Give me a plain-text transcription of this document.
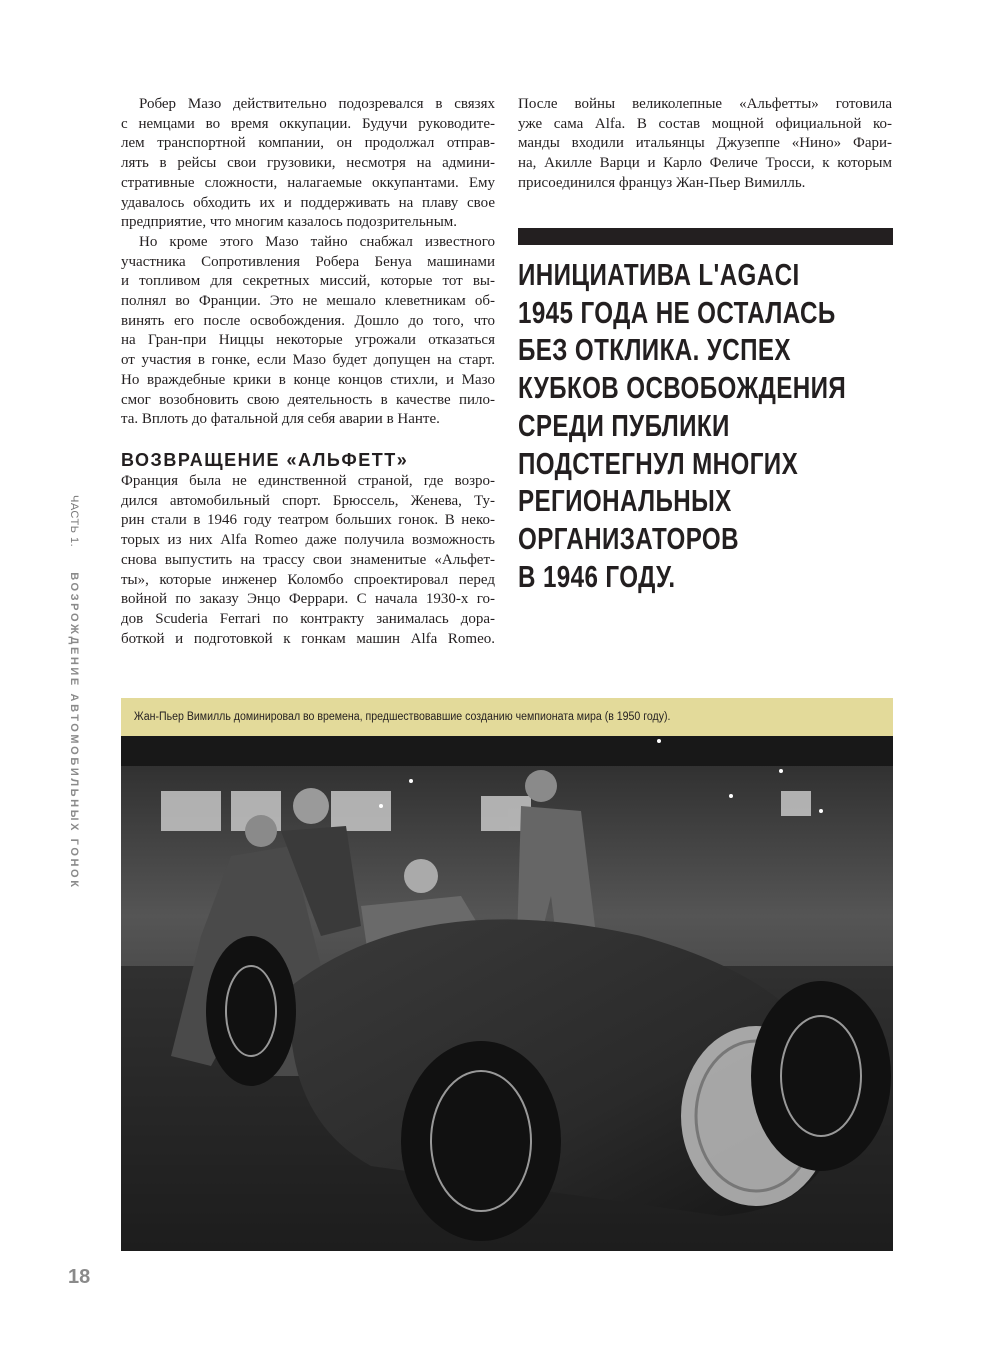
ЧАСТЬ 1. ВОЗРОЖДЕНИЕ АВТОМОБИЛЬНЫХ ГОНОК
Робер Мазо действительно подозревался в связях
с немцами во время оккупации. Будучи руководите-
лем транспортной компании, он продолжал отправ-
лять в рейсы свои грузовики, несмотря на админи-
стративные сложности, налагаемые оккупантами. Ему
удавалось обходить их и поддерживать на плаву свое
предприятие, что многим казалось подозрительным.
Но кроме этого Мазо тайно снабжал известного
участника Сопротивления Робера Бенуа машинами
и топливом для секретных миссий, которые тот вы-
полнял во Франции. Это не мешало клеветникам об-
винять его после освобождения. Дошло до того, что
на Гран-при Ниццы некоторые угрожали отказаться
от участия в гонке, если Мазо будет допущен на старт.
Но враждебные крики в конце концов стихли, и Мазо
смог возобновить свою деятельность в качестве пило-
та. Вплоть до фатальной для себя аварии в Нанте.
ВОЗВРАЩЕНИЕ «АЛЬФЕТТ»
Франция была не единственной страной, где возро-
дился автомобильный спорт. Брюссель, Женева, Ту-
рин стали в 1946 году театром больших гонок. В неко-
торых из них Alfa Romeo даже получила возможность
снова выпустить на трассу свои знаменитые «Альфет-
ты», которые инженер Коломбо спроектировал перед
войной по заказу Энцо Феррари. С начала 1930-х го-
дов Scuderia Ferrari по контракту занималась дора-
боткой и подготовкой к гонкам машин Alfa Romeo.
После войны великолепные «Альфетты» готовила
уже сама Alfa. В состав мощной официальной ко-
манды входили итальянцы Джузеппе «Нино» Фари-
на, Акилле Варци и Карло Феличе Тросси, к которым
присоединился француз Жан-Пьер Вимилль.
ИНИЦИАТИВА L'AGACI
1945 ГОДА НЕ ОСТАЛАСЬ
БЕЗ ОТКЛИКА. УСПЕХ
КУБКОВ ОСВОБОЖДЕНИЯ
СРЕДИ ПУБЛИКИ
ПОДСТЕГНУЛ МНОГИХ
РЕГИОНАЛЬНЫХ
ОРГАНИЗАТОРОВ
В 1946 ГОДУ.
Жан-Пьер Вимилль доминировал во времена, предшествовавшие созданию чемпионата мира (в 1950 году).
18
